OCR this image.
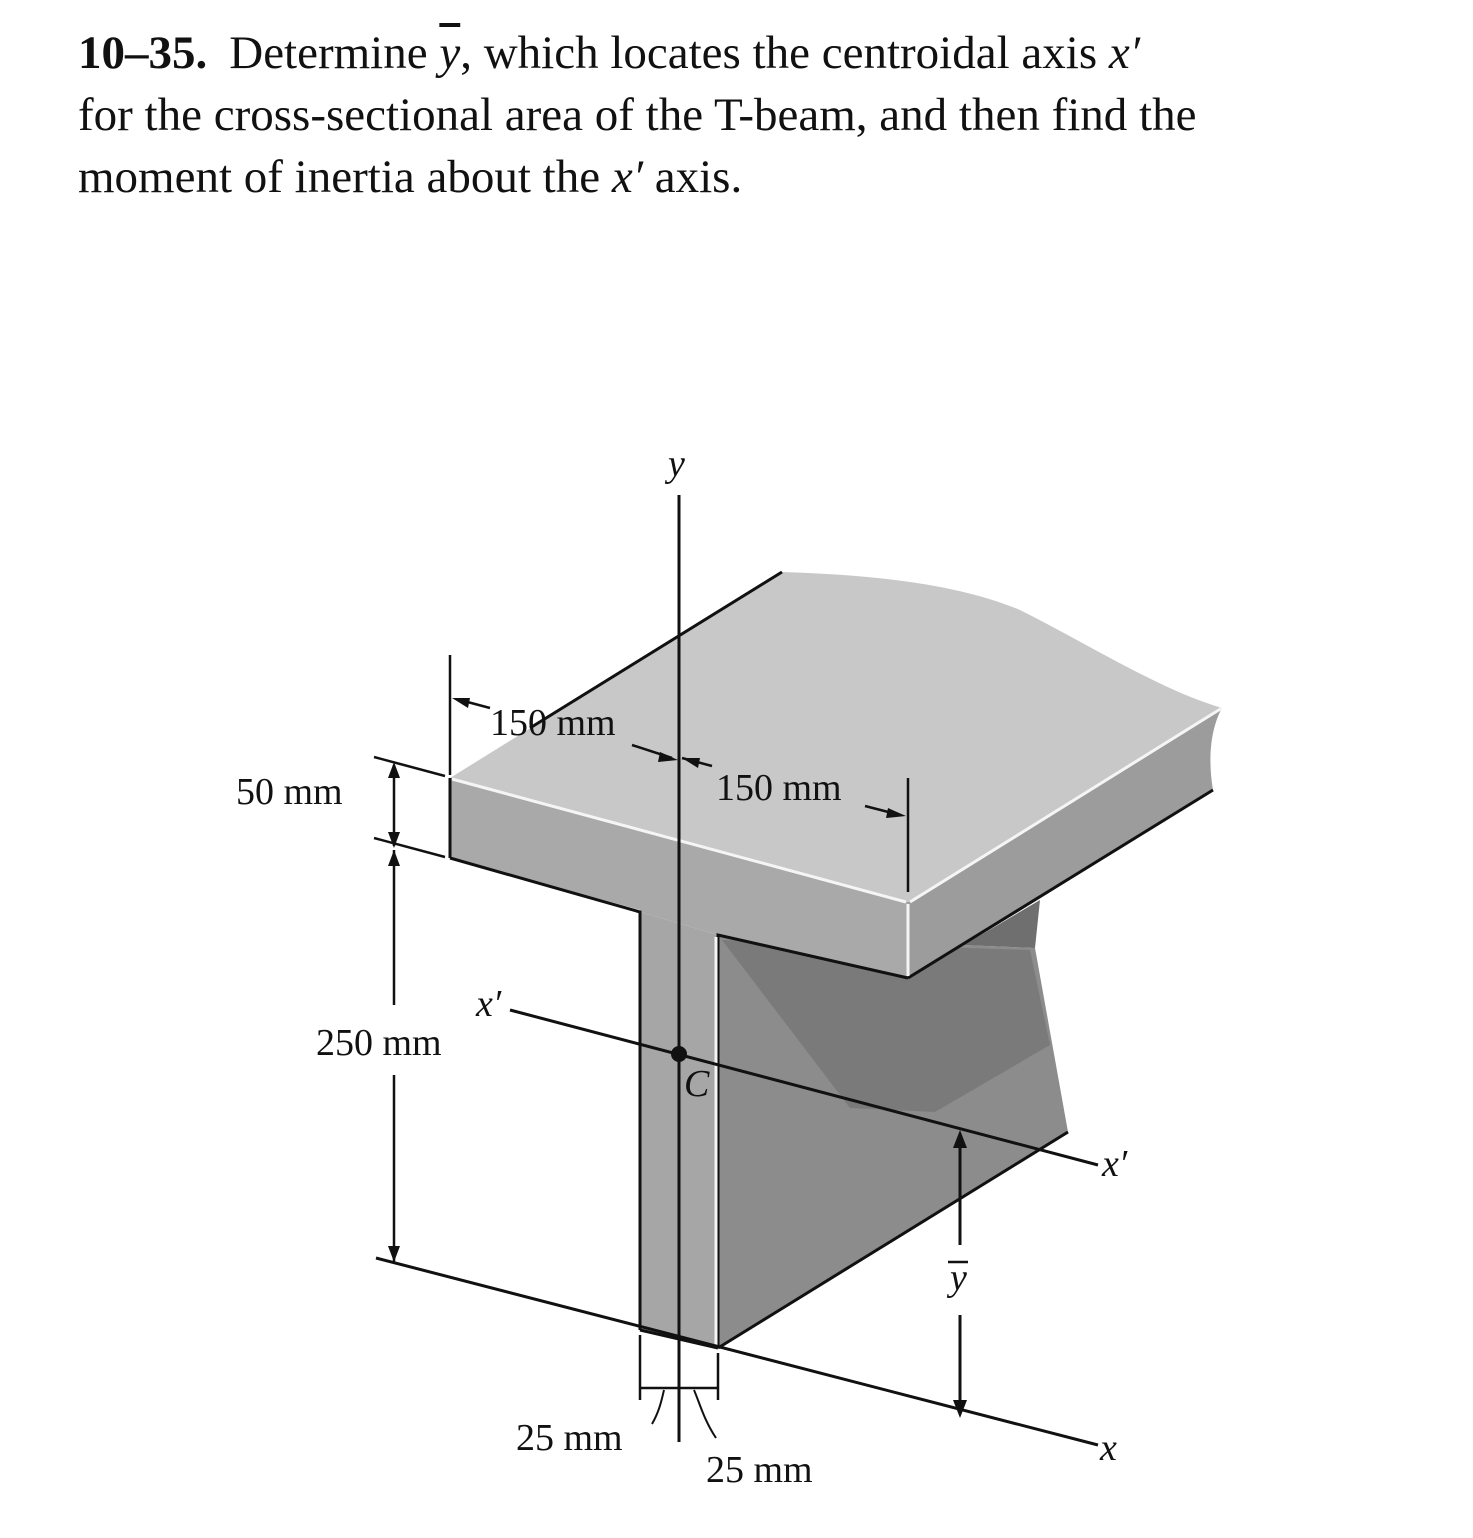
10–35. Determine $\overline{y}$, which locates the centroidal axis x′
for the cross-sectional area of the T-beam, and then find the
moment of inertia about the x′ axis.
y
x′
x′
x
C
y
150 mm
150 mm
50 mm
250 mm
25 mm
25 mm
